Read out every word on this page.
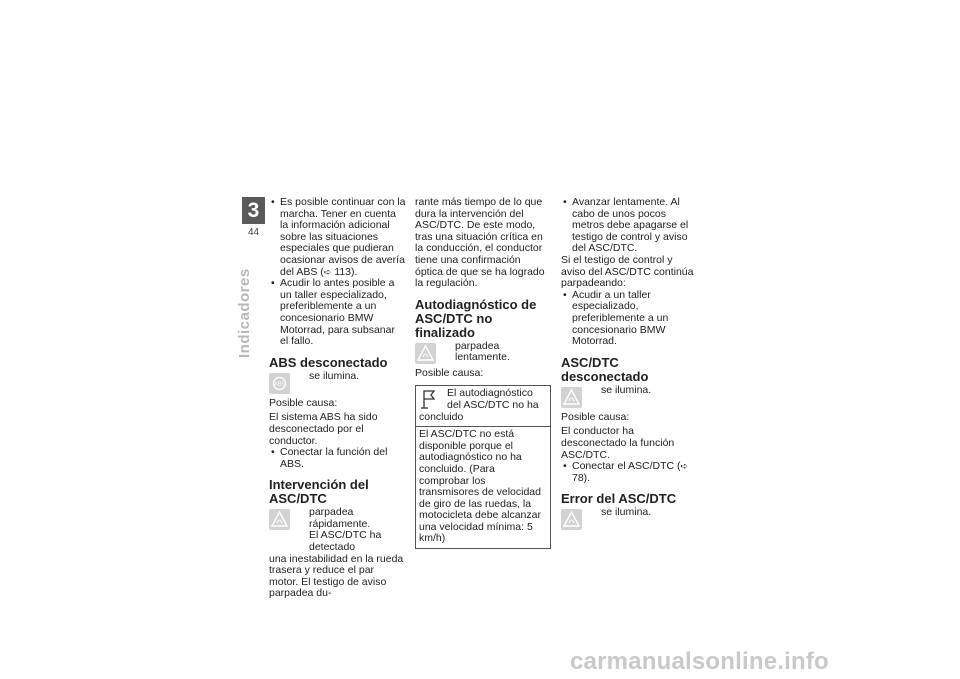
3
44
Indicadores

• Es posible continuar con la marcha. Tener en cuenta la información adicional sobre las situaciones especiales que pudieran ocasionar avisos de avería del ABS (➪ 113).

• Acudir lo antes posible a un taller especializado, preferiblemente a un concesionario BMW Motorrad, para subsanar el fallo.

ABS desconectado
ABS
se ilumina.

Posible causa:

El sistema ABS ha sido desconectado por el conductor.

• Conectar la función del ABS.

Intervención del ASC/DTC
parpadea rápidamente.
El ASC/DTC ha detectado

una inestabilidad en la rueda trasera y reduce el par motor. El testigo de aviso parpadea du-

rante más tiempo de lo que dura la intervención del ASC/DTC. De este modo, tras una situación crítica en la conducción, el conductor tiene una confirmación óptica de que se ha logrado la regulación.

Autodiagnóstico de ASC/DTC no finalizado
parpadea lentamente.

Posible causa:

El autodiagnóstico del ASC/DTC no ha concluido
El ASC/DTC no está disponible porque el autodiagnóstico no ha concluido. (Para comprobar los transmisores de velocidad de giro de las ruedas, la motocicleta debe alcanzar una velocidad mínima: 5 km/h)

• Avanzar lentamente. Al cabo de unos pocos metros debe apagarse el testigo de control y aviso del ASC/DTC.

Si el testigo de control y aviso del ASC/DTC continúa parpadeando:

• Acudir a un taller especializado, preferiblemente a un concesionario BMW Motorrad.

ASC/DTC desconectado
se ilumina.

Posible causa:

El conductor ha desconectado la función ASC/DTC.

• Conectar el ASC/DTC (➪ 78).

Error del ASC/DTC
se ilumina.
carmanualsonline.info
